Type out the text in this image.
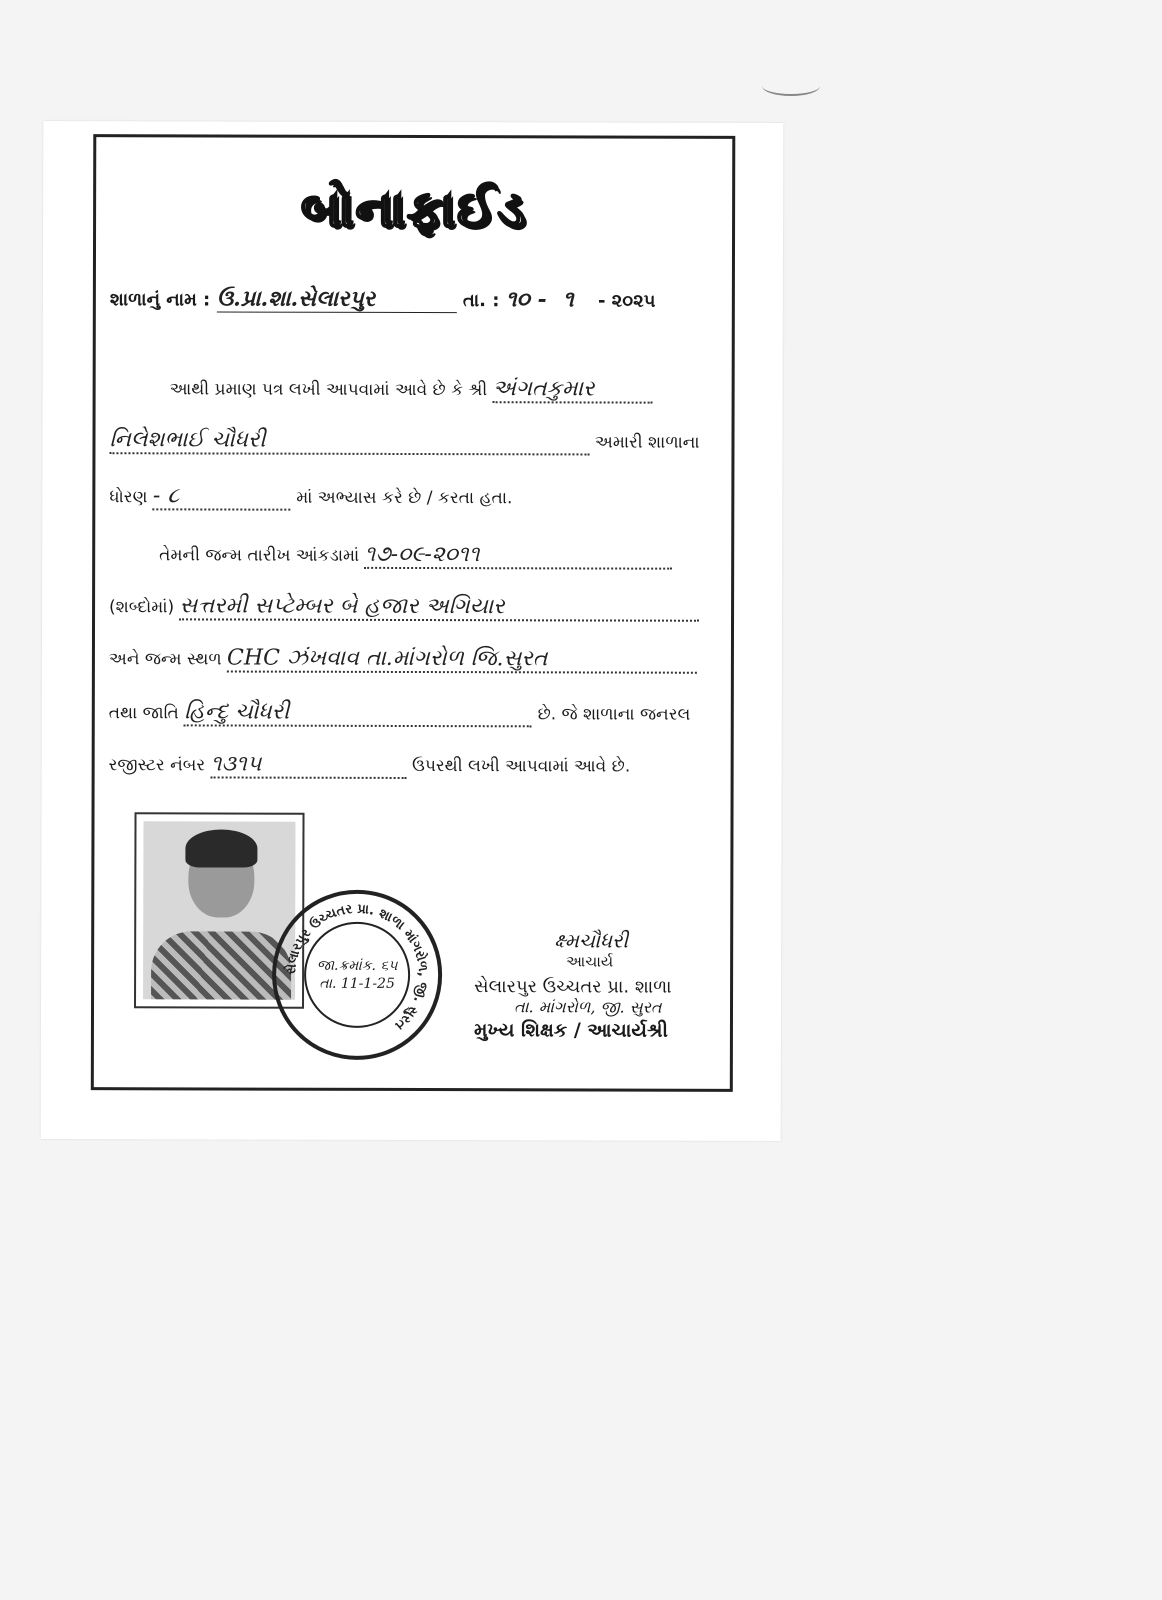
બોનાફાઈડ
શાળાનું નામ : ઉ.પ્રા.શા.સેલારપુર	તા. : ૧૦ - ૧ - ૨૦૨૫
આથી પ્રમાણ પત્ર લખી આપવામાં આવે છે કે શ્રી અંગતકુમાર
નિલેશભાઈ ચૌધરી	અમારી શાળાના
ધોરણ - ૮	માં અભ્યાસ કરે છે / કરતા હતા.
તેમની જન્મ તારીખ આંકડામાં ૧૭-૦૯-૨૦૧૧
(શબ્દોમાં) સત્તરમી સપ્ટેમ્બર બે હજાર અગિયાર
અને જન્મ સ્થળ CHC ઝંખવાવ તા.માંગરોળ જિ.સુરત
તથા જાતિ હિન્દુ ચૌધરી	છે. જે શાળાના જનરલ
રજીસ્ટર નંબર ૧૩૧૫	ઉપરથી લખી આપવામાં આવે છે.
સેલારપુર ઉચ્ચતર પ્રા. શાળા માંગરોળ, જી. સુરત
જા.ક્રમાંક. ૬૫
તા. 11-1-25
ક્ષ્મચૌધરી
આચાર્ય
સેલારપુર ઉચ્ચતર પ્રા. શાળા
તા. માંગરોળ, જી. સુરત
મુખ્ય શિક્ષક / આચાર્યશ્રી
